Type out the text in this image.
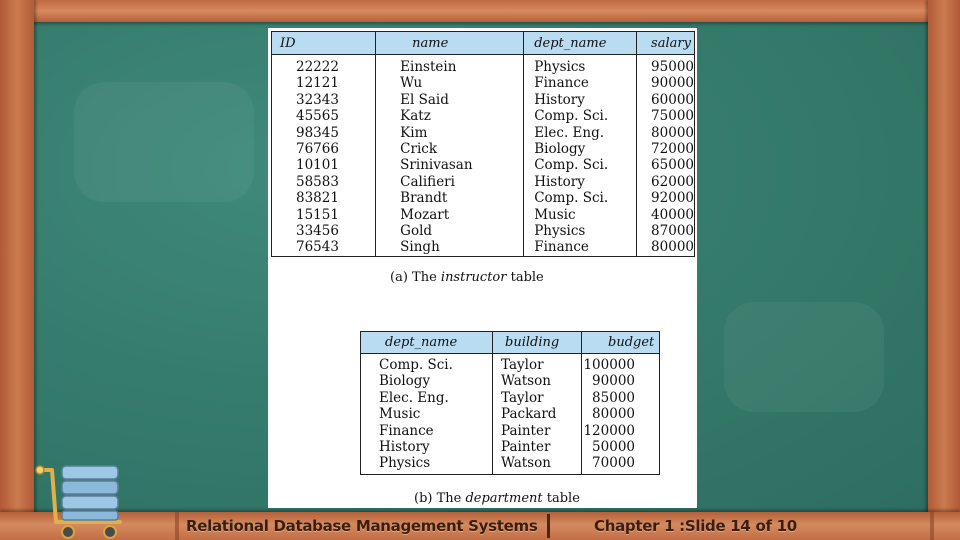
ID	name	dept_name	salary
22222	Einstein	Physics	95000
12121	Wu	Finance	90000
32343	El Said	History	60000
45565	Katz	Comp. Sci.	75000
98345	Kim	Elec. Eng.	80000
76766	Crick	Biology	72000
10101	Srinivasan	Comp. Sci.	65000
58583	Califieri	History	62000
83821	Brandt	Comp. Sci.	92000
15151	Mozart	Music	40000
33456	Gold	Physics	87000
76543	Singh	Finance	80000
(a) The instructor table
dept_name	building	budget
Comp. Sci.	Taylor	100000
Biology	Watson	90000
Elec. Eng.	Taylor	85000
Music	Packard	80000
Finance	Painter	120000
History	Painter	50000
Physics	Watson	70000
(b) The department table
Relational Database Management Systems	Chapter 1 :Slide 14 of 10
